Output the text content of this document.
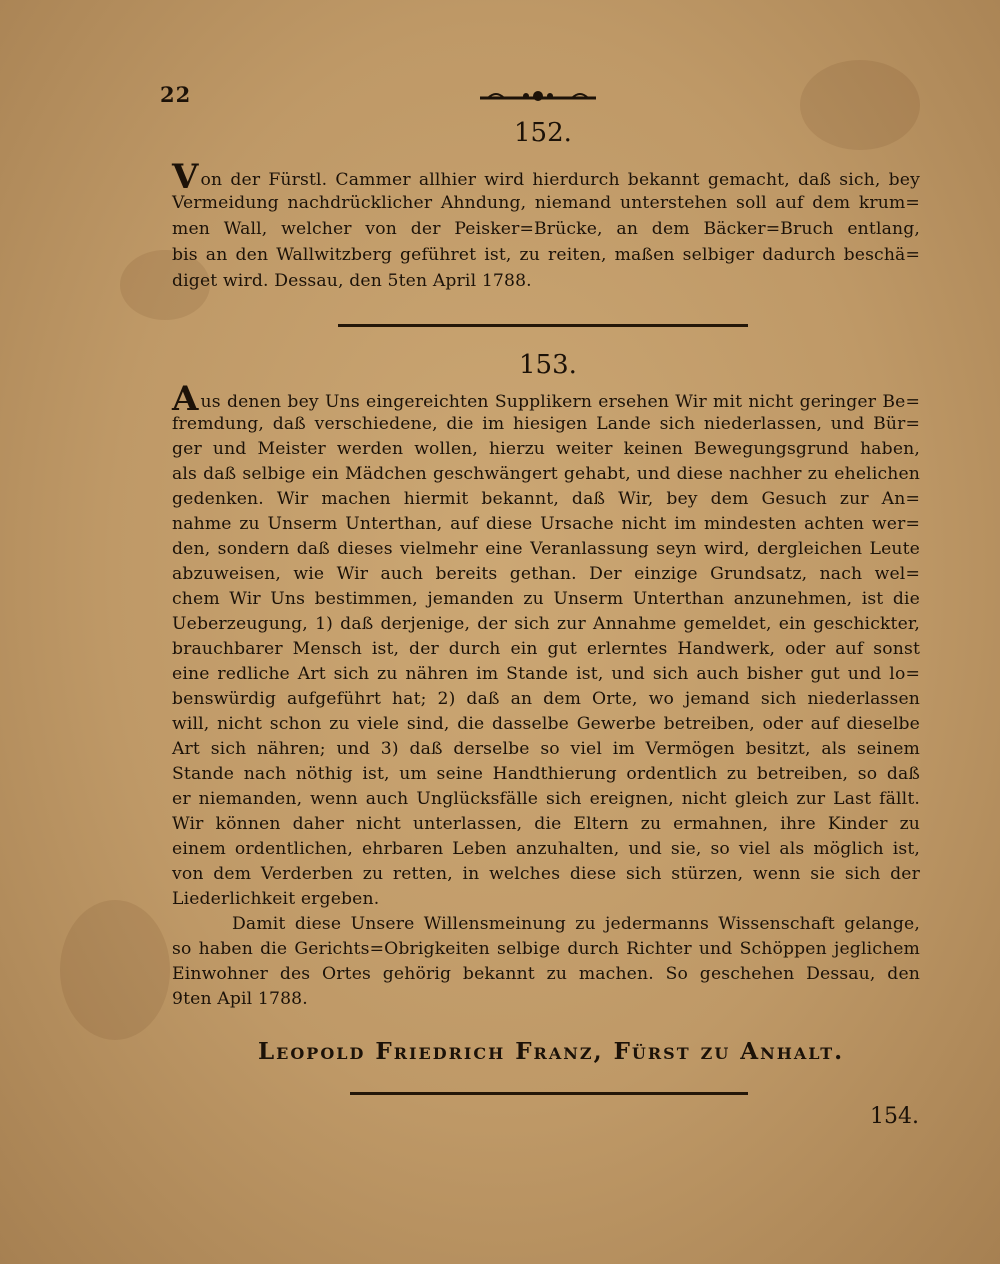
22
152.
Von der Fürstl. Cammer allhier wird hierdurch bekannt gemacht, daß sich, bey
Vermeidung nachdrücklicher Ahndung, niemand unterstehen soll auf dem krum=
men Wall, welcher von der Peisker=Brücke, an dem Bäcker=Bruch entlang,
bis an den Wallwitzberg geführet ist, zu reiten, maßen selbiger dadurch beschä=
diget wird. Dessau, den 5ten April 1788.
153.
Aus denen bey Uns eingereichten Supplikern ersehen Wir mit nicht geringer Be=
fremdung, daß verschiedene, die im hiesigen Lande sich niederlassen, und Bür=
ger und Meister werden wollen, hierzu weiter keinen Bewegungsgrund haben,
als daß selbige ein Mädchen geschwängert gehabt, und diese nachher zu ehelichen
gedenken. Wir machen hiermit bekannt, daß Wir, bey dem Gesuch zur An=
nahme zu Unserm Unterthan, auf diese Ursache nicht im mindesten achten wer=
den, sondern daß dieses vielmehr eine Veranlassung seyn wird, dergleichen Leute
abzuweisen, wie Wir auch bereits gethan. Der einzige Grundsatz, nach wel=
chem Wir Uns bestimmen, jemanden zu Unserm Unterthan anzunehmen, ist die
Ueberzeugung, 1) daß derjenige, der sich zur Annahme gemeldet, ein geschickter,
brauchbarer Mensch ist, der durch ein gut erlerntes Handwerk, oder auf sonst
eine redliche Art sich zu nähren im Stande ist, und sich auch bisher gut und lo=
benswürdig aufgeführt hat; 2) daß an dem Orte, wo jemand sich niederlassen
will, nicht schon zu viele sind, die dasselbe Gewerbe betreiben, oder auf dieselbe
Art sich nähren; und 3) daß derselbe so viel im Vermögen besitzt, als seinem
Stande nach nöthig ist, um seine Handthierung ordentlich zu betreiben, so daß
er niemanden, wenn auch Unglücksfälle sich ereignen, nicht gleich zur Last fällt.
Wir können daher nicht unterlassen, die Eltern zu ermahnen, ihre Kinder zu
einem ordentlichen, ehrbaren Leben anzuhalten, und sie, so viel als möglich ist,
von dem Verderben zu retten, in welches diese sich stürzen, wenn sie sich der
Liederlichkeit ergeben.
Damit diese Unsere Willensmeinung zu jedermanns Wissenschaft gelange,
so haben die Gerichts=Obrigkeiten selbige durch Richter und Schöppen jeglichem
Einwohner des Ortes gehörig bekannt zu machen. So geschehen Dessau, den
9ten Apil 1788.
Leopold Friedrich Franz, Fürst zu Anhalt.
154.
